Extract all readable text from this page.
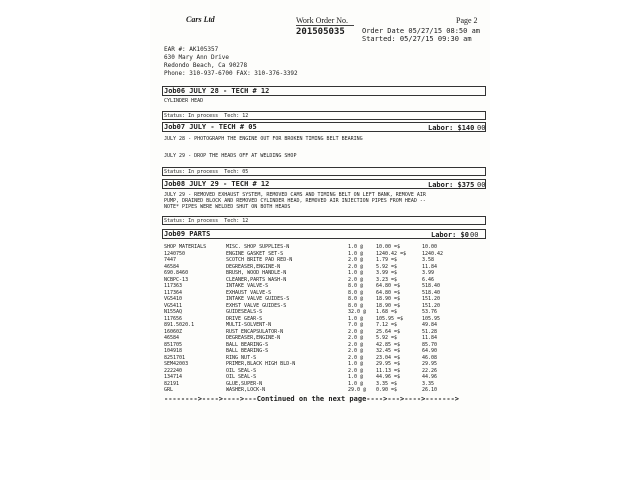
Cars Ltd	Work Order No.
201505035
Page 2
Order Date 05/27/15 08:50 am
Started: 05/27/15 09:30 am
EAR #: AK105357
630 Mary Ann Drive
Redondo Beach, Ca 90278
Phone: 310-937-6700 FAX: 310-376-3392
Job06 JULY 28 - TECH # 12
CYLINDER HEAD
Status: In process  Tech: 12
Job07 JULY - TECH # 05	Labor: $140 00
JULY 28 - PHOTOGRAPH THE ENGINE OUT FOR BROKEN TIMING BELT BEARING
JULY 29 - DROP THE HEADS OFF AT WELDING SHOP
Status: In process  Tech: 05
Job08 JULY 29 - TECH # 12	Labor: $375 00
JULY 29 - REMOVED EXHAUST SYSTEM, REMOVED CAMS AND TIMING BELT ON LEFT BANK, REMOVE AIR
PUMP, DRAINED BLOCK AND REMOVED CYLINDER HEAD, REMOVED AIR INJECTION PIPES FROM HEAD --
NOTE* PIPES WERE WELDED SHUT ON BOTH HEADS
Status: In process  Tech: 12
Job09 PARTS	Labor: $0 00
SHOP MATERIALS	MISC. SHOP SUPPLIES-N	1.0 @	10.00 =$	10.00
1240750	ENGINE GASKET SET-S	1.0 @	1240.42 =$	1240.42
7447	SCOTCH BRITE PAD RED-N	2.0 @	1.79 =$	3.58
46584	DEGREASER,ENGINE-N	2.0 @	5.92 =$	11.84
690.8460	BRUSH, WOOD HANDLE-N	1.0 @	3.99 =$	3.99
NCBPC-13	CLEANER,PARTS WASH-N	2.0 @	3.23 =$	6.46
117363	INTAKE VALVE-S	8.0 @	64.80 =$	518.40
117364	EXHAUST VALVE-S	8.0 @	64.80 =$	518.40
VG5410	INTAKE VALVE GUIDES-S	8.0 @	18.90 =$	151.20
VG5411	EXHST VALVE GUIDES-S	8.0 @	18.90 =$	151.20
N155AQ	GUIDESEALS-S	32.0 @ 1.68 =$	53.76
117656	DRIVE GEAR-S	1.0 @	105.95 =$	105.95
891.5020.1	MULTI-SOLVENT-N	7.0 @	7.12 =$	49.84
16060Z	RUST ENCAPSULATOR-N	2.0 @	25.64 =$	51.28
46584	DEGREASER,ENGINE-N	2.0 @	5.92 =$	11.84
851705	BALL BEARING-S	2.0 @	42.85 =$	85.70
104918	BALL BEARING-S	2.0 @	32.45 =$	64.90
8251701	RING NUT-S	2.0 @	23.04 =$	46.08
SEM42003	PRIMER,BLACK HIGH BLD-N	1.0 @	29.95 =$	29.95
222240	OIL SEAL-S	2.0 @	11.13 =$	22.26
134714	OIL SEAL-S	1.0 @	44.96 =$	44.96
82191	GLUE,SUPER-N	1.0 @	3.35 =$	3.35
GRL	WASHER,LOCK-N	29.0 @ 0.90 =$	26.10
-------->---->---->---Continued on the next page---->--->---->------->
